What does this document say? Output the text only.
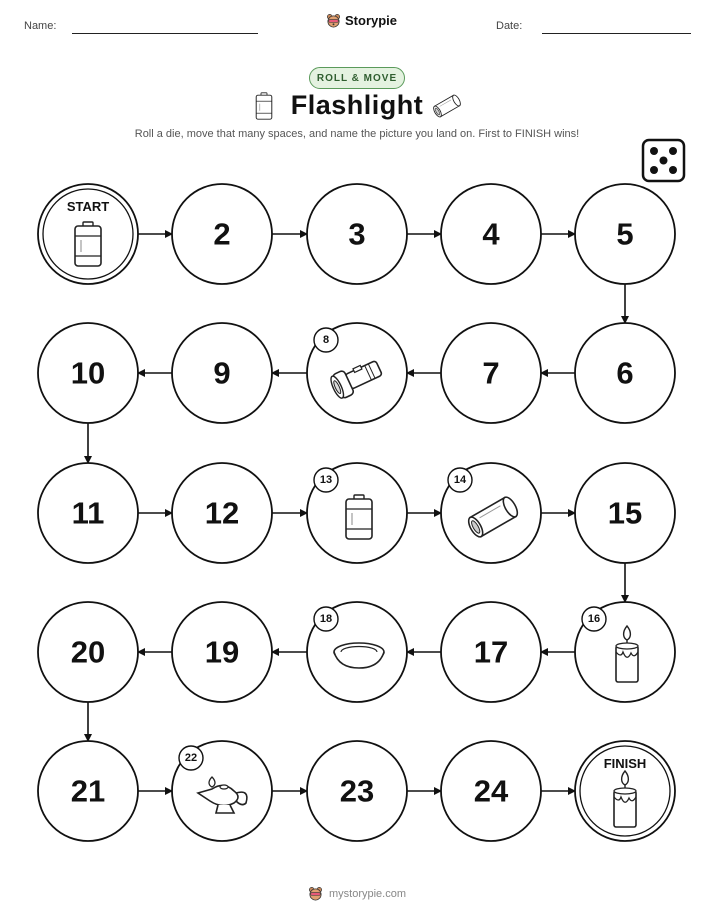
Name:	Storypie	Date:
ROLL & MOVE
Flashlight
Roll a die, move that many spaces, and name the picture you land on. First to FINISH wins!
START
2	3	4	5
6
7
8
9
10
11	12
13	14
15
16
17
18
19
20
21
22
23	24
FINISH
mystorypie.com
